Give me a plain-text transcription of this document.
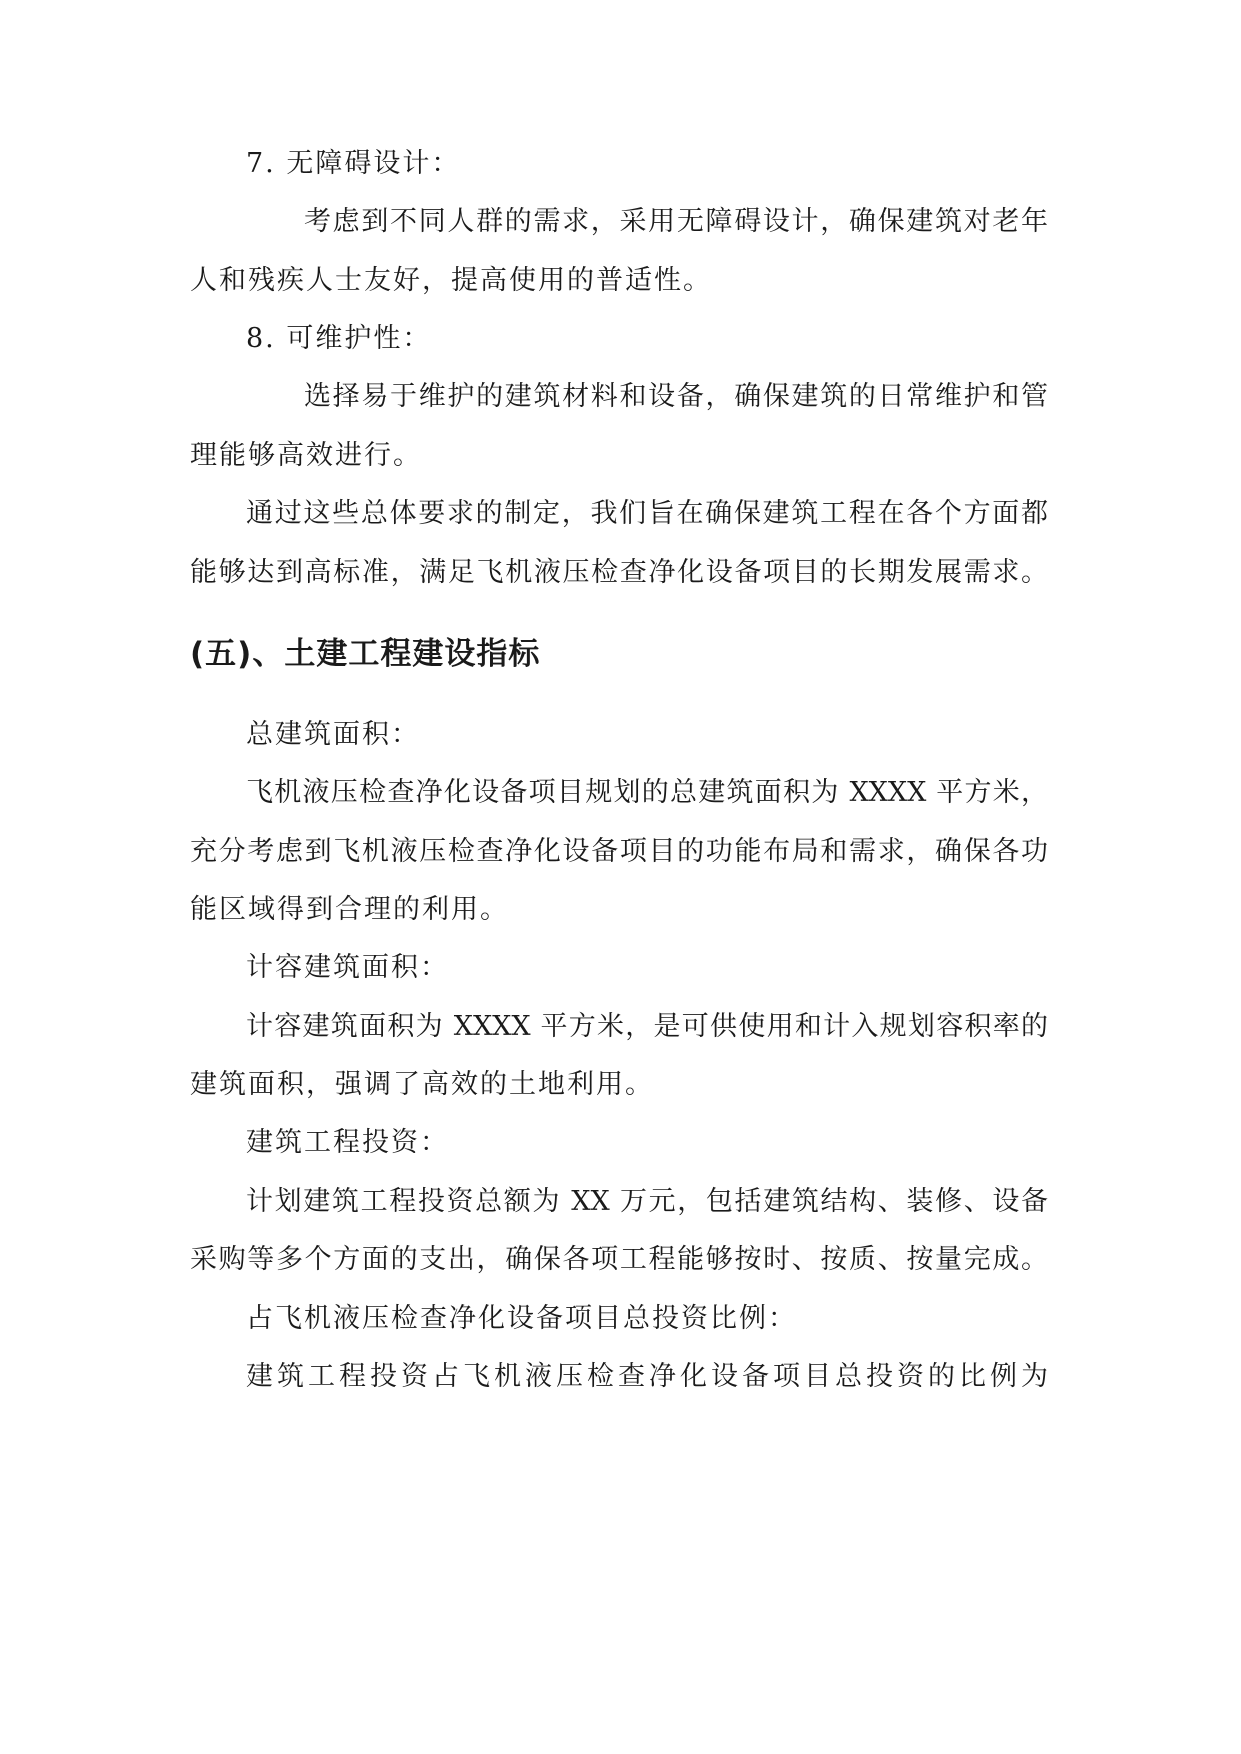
7. 无障碍设计：
考虑到不同人群的需求，采用无障碍设计，确保建筑对老年
人和残疾人士友好，提高使用的普适性。
8. 可维护性：
选择易于维护的建筑材料和设备，确保建筑的日常维护和管
理能够高效进行。
通过这些总体要求的制定，我们旨在确保建筑工程在各个方面都
能够达到高标准，满足飞机液压检查净化设备项目的长期发展需求。
(五)、土建工程建设指标
总建筑面积：
飞机液压检查净化设备项目规划的总建筑面积为 XXXX 平方米，
充分考虑到飞机液压检查净化设备项目的功能布局和需求，确保各功
能区域得到合理的利用。
计容建筑面积：
计容建筑面积为 XXXX 平方米，是可供使用和计入规划容积率的
建筑面积，强调了高效的土地利用。
建筑工程投资：
计划建筑工程投资总额为 XX 万元，包括建筑结构、装修、设备
采购等多个方面的支出，确保各项工程能够按时、按质、按量完成。
占飞机液压检查净化设备项目总投资比例：
建筑工程投资占飞机液压检查净化设备项目总投资的比例为
